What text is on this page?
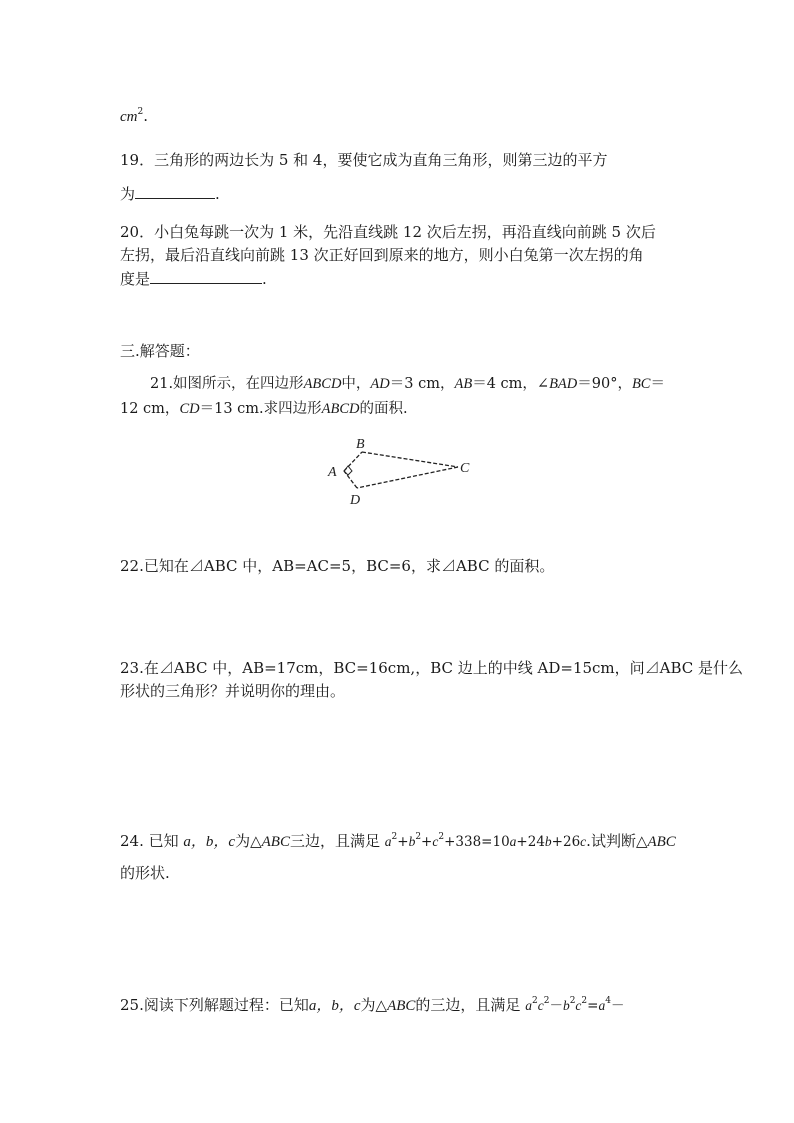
$cm^2$.
19．三角形的两边长为 5 和 4，要使它成为直角三角形，则第三边的平方
为	.
20．小白兔每跳一次为 1 米，先沿直线跳 12 次后左拐，再沿直线向前跳 5 次后
左拐，最后沿直线向前跳 13 次正好回到原来的地方，则小白兔第一次左拐的角
度是	.
三.解答题：
21.如图所示，在四边形ABCD中，AD＝3 cm，AB＝4 cm，∠BAD＝90°，BC＝
12 cm，CD＝13 cm.求四边形ABCD的面积.
A
B
C
D
22.已知在⊿ABC 中，AB=AC=5，BC=6，求⊿ABC 的面积。
23.在⊿ABC 中，AB=17cm，BC=16cm,，BC 边上的中线 AD=15cm，问⊿ABC 是什么
形状的三角形？并说明你的理由。
24. 已知 a，b，c为△ABC三边，且满足 $a^2+b^2+c^2+338=10a+24b+26c$.试判断△ABC
的形状.
25.阅读下列解题过程：已知a，b，c为△ABC的三边，且满足 $a^2c^2-b^2c^2=a^4-$
